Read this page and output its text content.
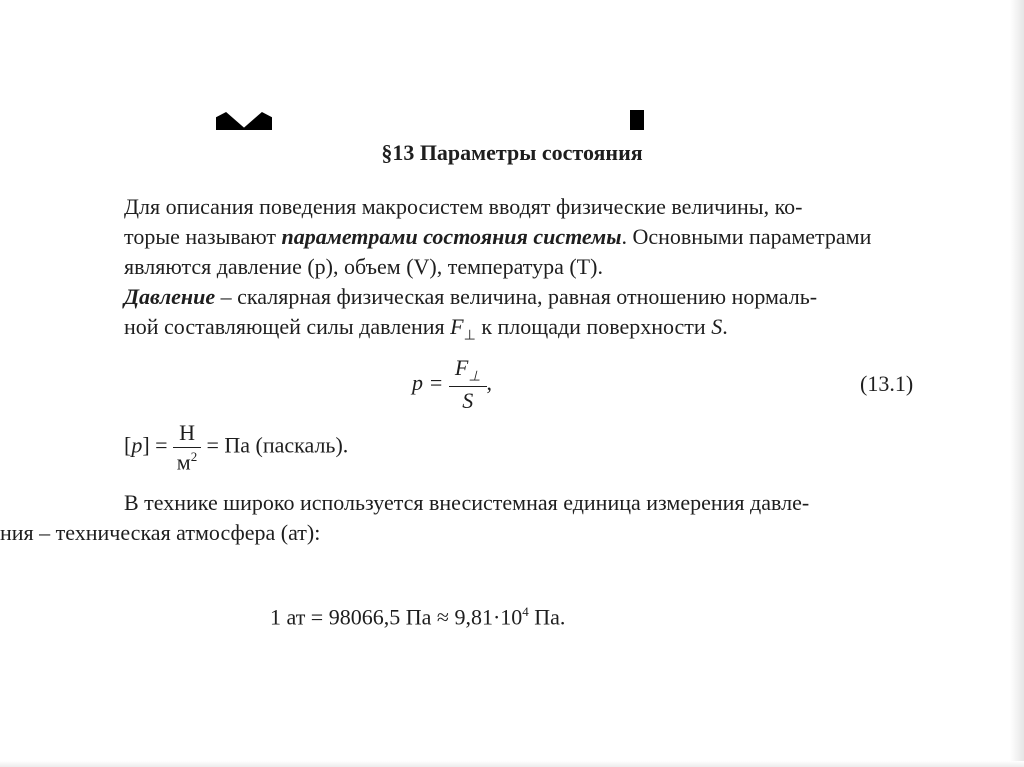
§13 Параметры состояния
Для описания поведения макросистем вводят физические величины, ко-
торые называют параметрами состояния системы. Основными параметрами
являются давление (p), объем (V), температура (T).
Давление – скалярная физическая величина, равная отношению нормаль-
ной составляющей силы давления $F_\perp$ к площади поверхности S.
$p = \frac{F_\perp}{S}$ ,	(13.1)
$[p] = \frac{Н}{м^2}$ = Па (паскаль).
В технике широко используется внесистемная единица измерения давле-
ния – техническая атмосфера (ат):
1 ат = 98066,5 Па ≈ $9,81\cdot 10^4$ Па.
